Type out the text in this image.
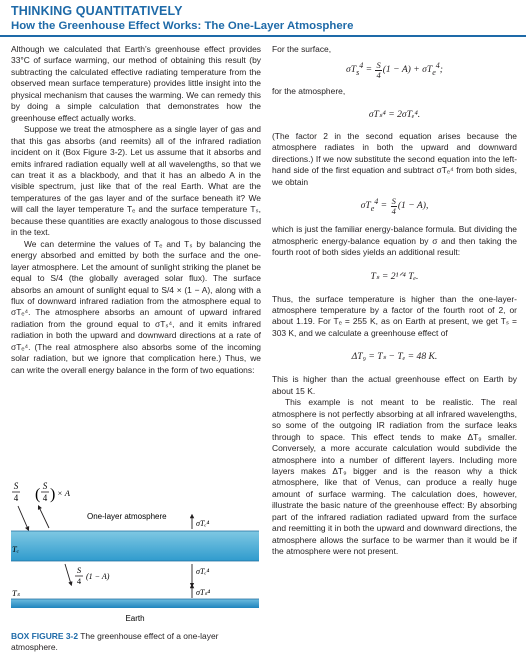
THINKING QUANTITATIVELY
How the Greenhouse Effect Works: The One-Layer Atmosphere

Although we calculated that Earth’s greenhouse effect provides 33°C of surface warming, our method of obtaining this result (by subtracting the calculated effective radiating temperature from the observed mean surface temperature) provides little insight into the physical mechanism that causes the warming. We can remedy this by doing a simple calculation that demonstrates how the greenhouse effect actually works.

Suppose we treat the atmosphere as a single layer of gas and that this gas absorbs (and reemits) all of the infrared radiation incident on it (Box Figure 3-2). Let us assume that it absorbs and emits infrared radiation equally well at all wavelengths, so that we can treat it as a blackbody, and that it has an albedo A in the visible spectrum, just like that of the real Earth. What are the temperatures of the gas layer and of the surface beneath it? We will call the layer temperature Tₑ and the surface temperature Tₛ, because these quantities are exactly analogous to those discussed in the text.

We can determine the values of Tₑ and Tₛ by balancing the energy absorbed and emitted by both the surface and the one-layer atmosphere. Let the amount of sunlight striking the planet be equal to S/4 (the globally averaged solar flux). The surface absorbs an amount of sunlight equal to S/4 × (1 − A), along with a flux of downward infrared radiation from the atmosphere equal to σTₑ⁴. The atmosphere absorbs an amount of upward infrared radiation from the ground equal to σTₛ⁴, and it emits infrared radiation in both the upward and downward directions at a rate of σTₑ⁴. (The real atmosphere also absorbs some of the incoming solar radiation, but we ignore that complication here.) Thus, we can write the overall energy balance in the form of two equations:

For the surface,

$\sigma T_s^4 = \frac{S}{4} (1 - A) + \sigma T_e^4$;

for the atmosphere,

σTₛ⁴ = 2σTₑ⁴.

(The factor 2 in the second equation arises because the atmosphere radiates in both the upward and downward directions.) If we now substitute the second equation into the left-hand side of the first equation and subtract σTₑ⁴ from both sides, we obtain

$\sigma T_e^4 = \frac{S}{4} (1 - A)$,

which is just the familiar energy-balance formula. But dividing the atmospheric energy-balance equation by σ and then taking the fourth root of both sides yields an additional result:

Tₛ = 2¹ᐟ⁴ Tₑ.

Thus, the surface temperature is higher than the one-layer-atmosphere temperature by a factor of the fourth root of 2, or about 1.19. For Tₑ = 255 K, as on Earth at present, we get Tₛ = 303 K, and we calculate a greenhouse effect of

ΔT₉ = Tₛ − Tₑ = 48 K.

This is higher than the actual greenhouse effect on Earth by about 15 K.

This example is not meant to be realistic. The real atmosphere is not perfectly absorbing at all infrared wavelengths, so some of the outgoing IR radiation from the surface leaks through to space. This effect tends to make ΔT₉ smaller. Conversely, a more accurate calculation would subdivide the atmosphere into a number of different layers. Including more layers makes ΔT₉ bigger and is the reason why a thick atmosphere, like that of Venus, can produce a really huge amount of surface warming. The calculation does, however, illustrate the basic nature of the greenhouse effect: By absorbing part of the infrared radiation radiated upward from the surface and reemitting it in both the upward and downward directions, the atmosphere allows the surface to be warmer than it would be if the atmosphere were not present.

S
4 ( S
4 ) × A
One-layer atmosphere
Tₑ
σTₑ⁴
S
4 (1 − A)
σTₑ⁴
σTₛ⁴
Tₛ
Earth
BOX FIGURE 3-2 The greenhouse effect of a one-layer atmosphere.
